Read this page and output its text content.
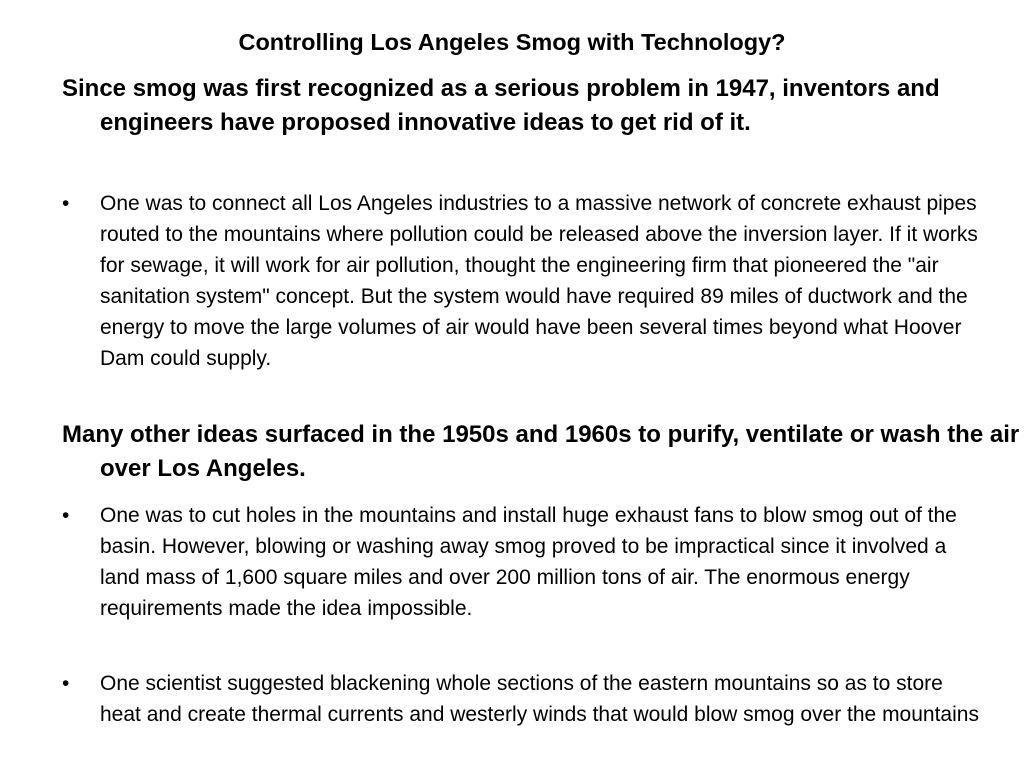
Controlling Los Angeles Smog with Technology?

Since smog was first recognized as a serious problem in 1947, inventors and engineers have proposed innovative ideas to get rid of it.

•	One was to connect all Los Angeles industries to a massive network of concrete exhaust pipes routed to the mountains where pollution could be released above the inversion layer. If it works for sewage, it will work for air pollution, thought the engineering firm that pioneered the "air sanitation system" concept. But the system would have required 89 miles of ductwork and the energy to move the large volumes of air would have been several times beyond what Hoover Dam could supply.

Many other ideas surfaced in the 1950s and 1960s to purify, ventilate or wash the air over Los Angeles.

•	One was to cut holes in the mountains and install huge exhaust fans to blow smog out of the basin. However, blowing or washing away smog proved to be impractical since it involved a land mass of 1,600 square miles and over 200 million tons of air. The enormous energy requirements made the idea impossible.
•	One scientist suggested blackening whole sections of the eastern mountains so as to store heat and create thermal currents and westerly winds that would blow smog over the mountains
